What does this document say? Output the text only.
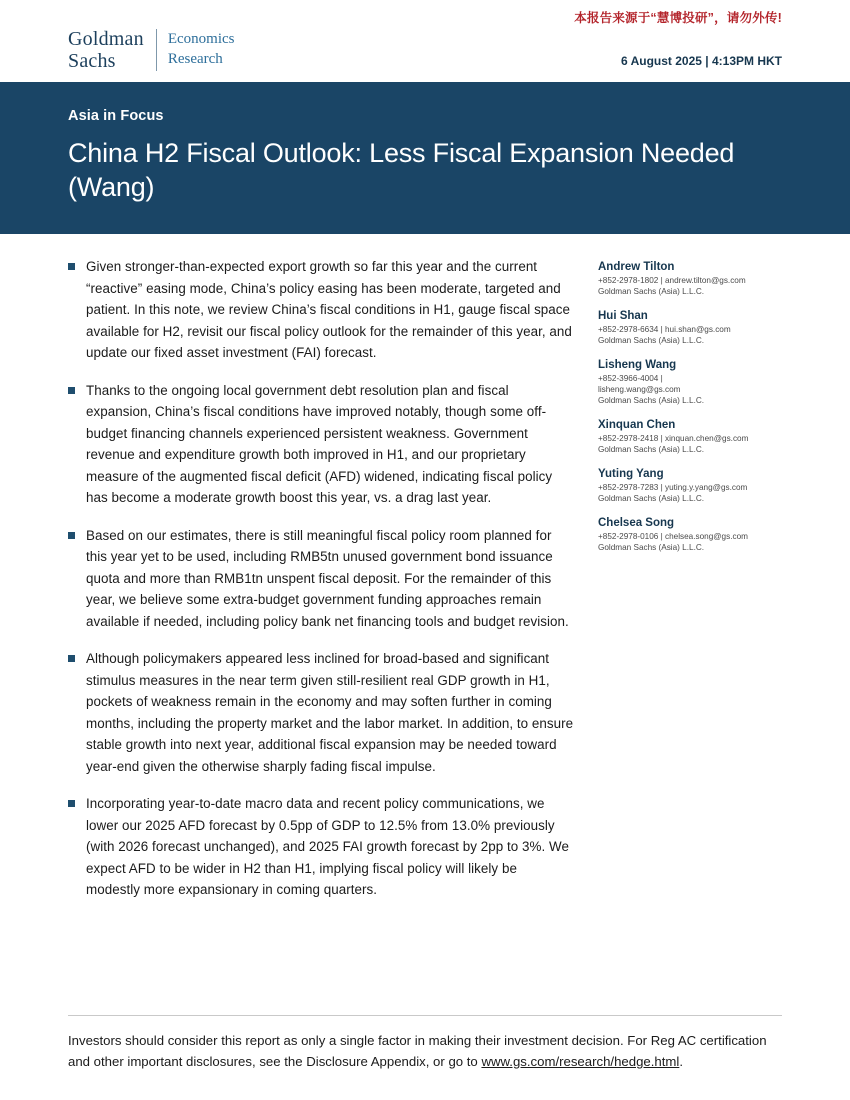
本报告来源于“慧博投研”，请勿外传!
Goldman
Sachs
Economics
Research	6 August 2025 | 4:13PM HKT
Asia in Focus
China H2 Fiscal Outlook: Less Fiscal Expansion Needed (Wang)
Given stronger-than-expected export growth so far this year and the current “reactive” easing mode, China’s policy easing has been moderate, targeted and patient. In this note, we review China’s fiscal conditions in H1, gauge fiscal space available for H2, revisit our fiscal policy outlook for the remainder of this year, and update our fixed asset investment (FAI) forecast.
Thanks to the ongoing local government debt resolution plan and fiscal expansion, China’s fiscal conditions have improved notably, though some off-budget financing channels experienced persistent weakness. Government revenue and expenditure growth both improved in H1, and our proprietary measure of the augmented fiscal deficit (AFD) widened, indicating fiscal policy has become a moderate growth boost this year, vs. a drag last year.
Based on our estimates, there is still meaningful fiscal policy room planned for this year yet to be used, including RMB5tn unused government bond issuance quota and more than RMB1tn unspent fiscal deposit. For the remainder of this year, we believe some extra-budget government funding approaches remain available if needed, including policy bank net financing tools and budget revision.
Although policymakers appeared less inclined for broad-based and significant stimulus measures in the near term given still-resilient real GDP growth in H1, pockets of weakness remain in the economy and may soften further in coming months, including the property market and the labor market. In addition, to ensure stable growth into next year, additional fiscal expansion may be needed toward year-end given the otherwise sharply fading fiscal impulse.
Incorporating year-to-date macro data and recent policy communications, we lower our 2025 AFD forecast by 0.5pp of GDP to 12.5% from 13.0% previously (with 2026 forecast unchanged), and 2025 FAI growth forecast by 2pp to 3%. We expect AFD to be wider in H2 than H1, implying fiscal policy will likely be modestly more expansionary in coming quarters.
Andrew Tilton
+852-2978-1802 | andrew.tilton@gs.com
Goldman Sachs (Asia) L.L.C.
Hui Shan
+852-2978-6634 | hui.shan@gs.com
Goldman Sachs (Asia) L.L.C.
Lisheng Wang
+852-3966-4004 |
lisheng.wang@gs.com
Goldman Sachs (Asia) L.L.C.
Xinquan Chen
+852-2978-2418 | xinquan.chen@gs.com
Goldman Sachs (Asia) L.L.C.
Yuting Yang
+852-2978-7283 | yuting.y.yang@gs.com
Goldman Sachs (Asia) L.L.C.
Chelsea Song
+852-2978-0106 | chelsea.song@gs.com
Goldman Sachs (Asia) L.L.C.
Investors should consider this report as only a single factor in making their investment decision. For Reg AC certification and other important disclosures, see the Disclosure Appendix, or go to www.gs.com/research/hedge.html.
